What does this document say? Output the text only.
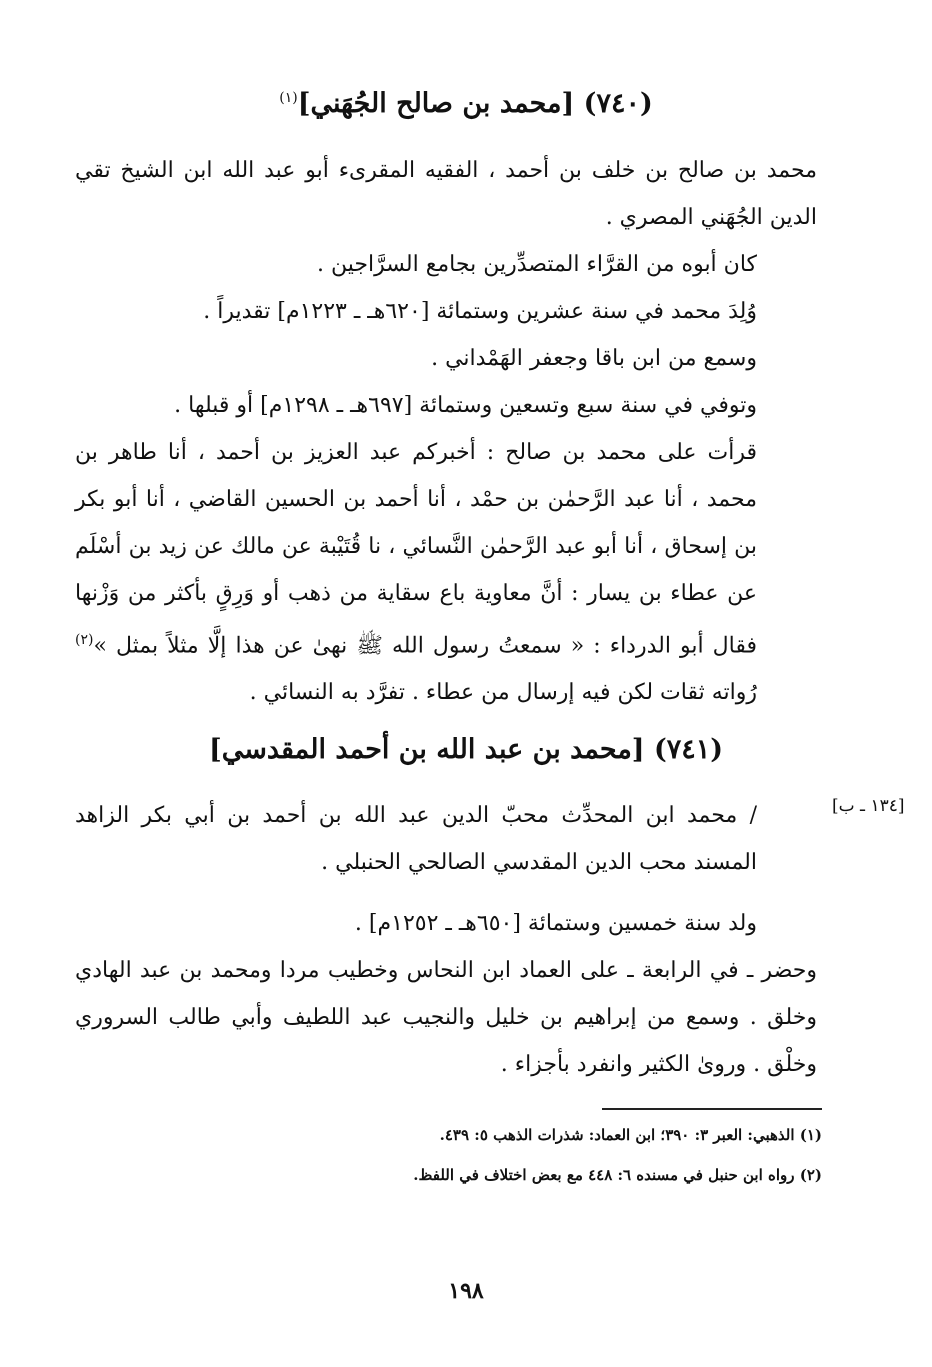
(٧٤٠) [محمد بن صالح الجُهَني]$^{(١)}$

محمد بن صالح بن خلف بن أحمد ، الفقيه المقرىء أبو عبد الله ابن الشيخ تقي الدين الجُهَني المصري .

كان أبوه من القرَّاء المتصدِّرين بجامع السرَّاجين .

وُلِدَ محمد في سنة عشرين وستمائة [٦٢٠هـ ـ ١٢٢٣م] تقديراً .

وسمع من ابن باقا وجعفر الهَمْداني .

وتوفي في سنة سبع وتسعين وستمائة [٦٩٧هـ ـ ١٢٩٨م] أو قبلها .

قرأت على محمد بن صالح : أخبركم عبد العزيز بن أحمد ، أنا طاهر بن محمد ، أنا عبد الرَّحمٰن بن حمْد ، أنا أحمد بن الحسين القاضي ، أنا أبو بكر بن إسحاق ، أنا أبو عبد الرَّحمٰن النَّسائي ، نا قُتَيْبة عن مالك عن زيد بن أسْلَم عن عطاء بن يسار : أنَّ معاوية باع سقاية من ذهب أو وَرِقٍ بأكثر من وَزْنها فقال أبو الدرداء : « سمعتُ رسول الله ﷺ نهىٰ عن هذا إلَّا مثلاً بمثل »$^{(٢)}$ رُواته ثقات لكن فيه إرسال من عطاء . تفرَّد به النسائي .

(٧٤١) [محمد بن عبد الله بن أحمد المقدسي]
[١٣٤ ـ ب]

/ محمد ابن المحدِّث محبّ الدين عبد الله بن أحمد بن أبي بكر الزاهد المسند محب الدين المقدسي الصالحي الحنبلي .

ولد سنة خمسين وستمائة [٦٥٠هـ ـ ١٢٥٢م] .

وحضر ـ في الرابعة ـ على العماد ابن النحاس وخطيب مردا ومحمد بن عبد الهادي وخلق . وسمع من إبراهيم بن خليل والنجيب عبد اللطيف وأبي طالب السروري وخلْق . وروىٰ الكثير وانفرد بأجزاء .

(١) الذهبي: العبر ٣: ٣٩٠؛ ابن العماد: شذرات الذهب ٥: ٤٣٩.

(٢) رواه ابن حنبل في مسنده ٦: ٤٤٨ مع بعض اختلاف في اللفظ.

١٩٨
